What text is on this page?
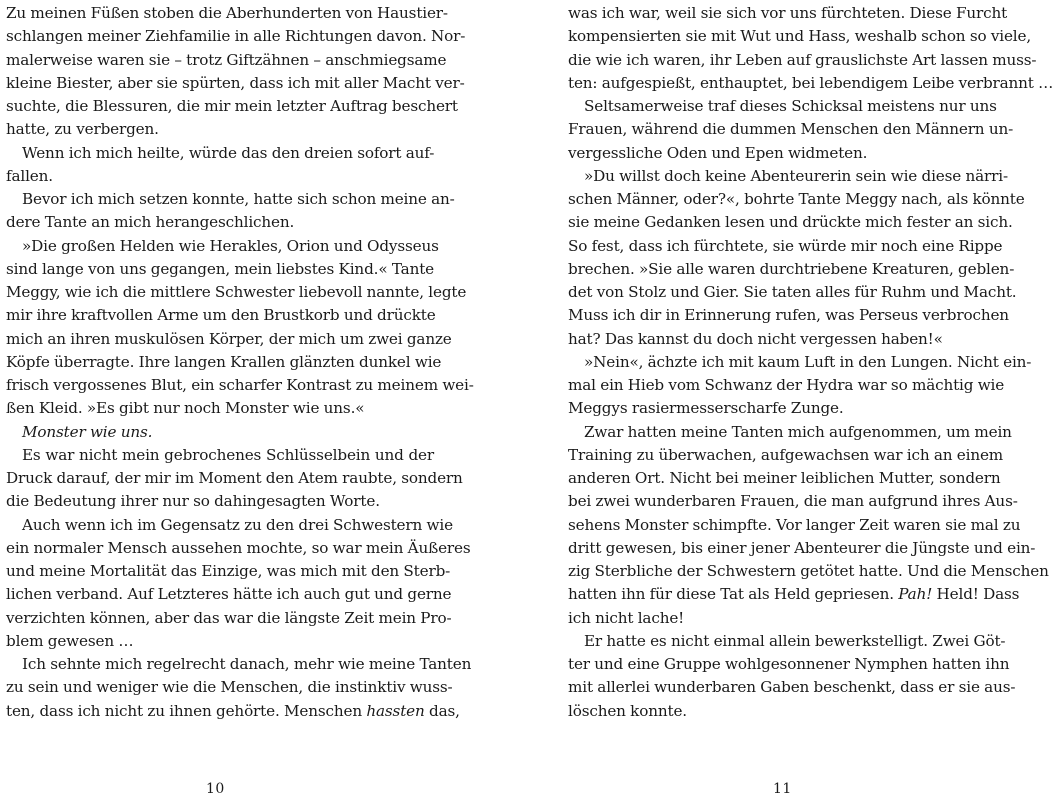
Zu meinen Füßen stoben die Aberhunderten von Haustier-
schlangen meiner Ziehfamilie in alle Richtungen davon. Nor-
malerweise waren sie – trotz Giftzähnen – anschmiegsame
kleine Biester, aber sie spürten, dass ich mit aller Macht ver-
suchte, die Blessuren, die mir mein letzter Auftrag beschert
hatte, zu verbergen.
Wenn ich mich heilte, würde das den dreien sofort auf-
fallen.
Bevor ich mich setzen konnte, hatte sich schon meine an-
dere Tante an mich herangeschlichen.
»Die großen Helden wie Herakles, Orion und Odysseus
sind lange von uns gegangen, mein liebstes Kind.« Tante
Meggy, wie ich die mittlere Schwester liebevoll nannte, legte
mir ihre kraftvollen Arme um den Brustkorb und drückte
mich an ihren muskulösen Körper, der mich um zwei ganze
Köpfe überragte. Ihre langen Krallen glänzten dunkel wie
frisch vergossenes Blut, ein scharfer Kontrast zu meinem wei-
ßen Kleid. »Es gibt nur noch Monster wie uns.«
Monster wie uns.
Es war nicht mein gebrochenes Schlüsselbein und der
Druck darauf, der mir im Moment den Atem raubte, sondern
die Bedeutung ihrer nur so dahingesagten Worte.
Auch wenn ich im Gegensatz zu den drei Schwestern wie
ein normaler Mensch aussehen mochte, so war mein Äußeres
und meine Mortalität das Einzige, was mich mit den Sterb-
lichen verband. Auf Letzteres hätte ich auch gut und gerne
verzichten können, aber das war die längste Zeit mein Pro-
blem gewesen …
Ich sehnte mich regelrecht danach, mehr wie meine Tanten
zu sein und weniger wie die Menschen, die instinktiv wuss-
ten, dass ich nicht zu ihnen gehörte. Menschen hassten das,
10
was ich war, weil sie sich vor uns fürchteten. Diese Furcht
kompensierten sie mit Wut und Hass, weshalb schon so viele,
die wie ich waren, ihr Leben auf grauslichste Art lassen muss-
ten: aufgespießt, enthauptet, bei lebendigem Leibe verbrannt …
Seltsamerweise traf dieses Schicksal meistens nur uns
Frauen, während die dummen Menschen den Männern un-
vergessliche Oden und Epen widmeten.
»Du willst doch keine Abenteurerin sein wie diese närri-
schen Männer, oder?«, bohrte Tante Meggy nach, als könnte
sie meine Gedanken lesen und drückte mich fester an sich.
So fest, dass ich fürchtete, sie würde mir noch eine Rippe
brechen. »Sie alle waren durchtriebene Kreaturen, geblen-
det von Stolz und Gier. Sie taten alles für Ruhm und Macht.
Muss ich dir in Erinnerung rufen, was Perseus verbrochen
hat? Das kannst du doch nicht vergessen haben!«
»Nein«, ächzte ich mit kaum Luft in den Lungen. Nicht ein-
mal ein Hieb vom Schwanz der Hydra war so mächtig wie
Meggys rasiermesserscharfe Zunge.
Zwar hatten meine Tanten mich aufgenommen, um mein
Training zu überwachen, aufgewachsen war ich an einem
anderen Ort. Nicht bei meiner leiblichen Mutter, sondern
bei zwei wunderbaren Frauen, die man aufgrund ihres Aus-
sehens Monster schimpfte. Vor langer Zeit waren sie mal zu
dritt gewesen, bis einer jener Abenteurer die Jüngste und ein-
zig Sterbliche der Schwestern getötet hatte. Und die Menschen
hatten ihn für diese Tat als Held gepriesen. Pah! Held! Dass
ich nicht lache!
Er hatte es nicht einmal allein bewerkstelligt. Zwei Göt-
ter und eine Gruppe wohlgesonnener Nymphen hatten ihn
mit allerlei wunderbaren Gaben beschenkt, dass er sie aus-
löschen konnte.
11
